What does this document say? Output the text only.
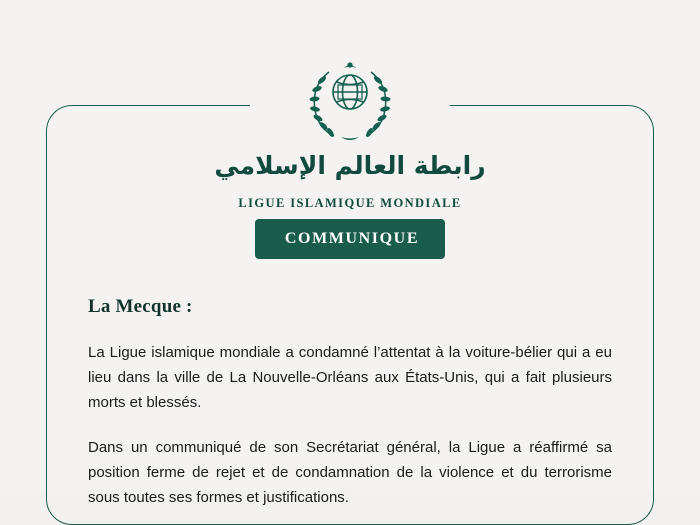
رابطة العالم الإسلامي
LIGUE ISLAMIQUE MONDIALE
COMMUNIQUE

La Mecque :

La Ligue islamique mondiale a condamné l’attentat à la voiture-bélier qui a eu lieu dans la ville de La Nouvelle-Orléans aux États-Unis, qui a fait plusieurs morts et blessés.

Dans un communiqué de son Secrétariat général, la Ligue a réaffirmé sa position ferme de rejet et de condamnation de la violence et du terrorisme sous toutes ses formes et justifications.
